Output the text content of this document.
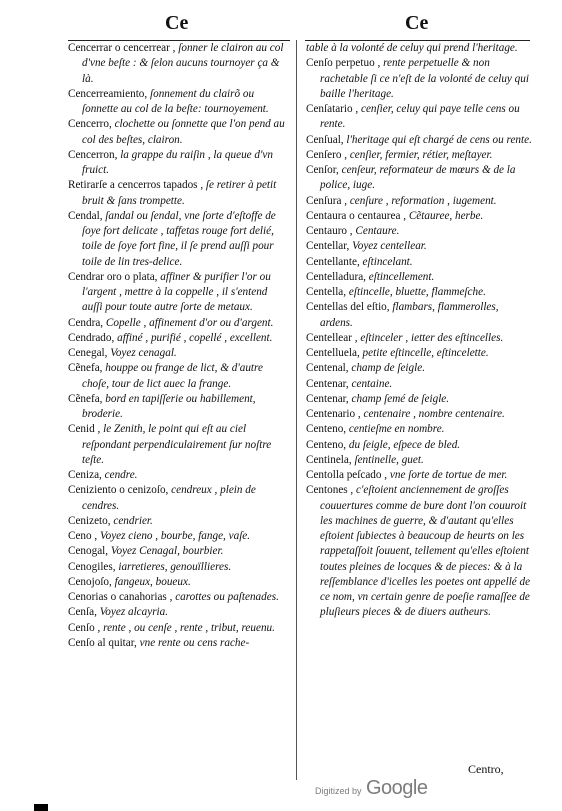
Ce	Ce

Cencerrar o cencerrear , ſonner le clairon au col d'vne beſte : & ſelon aucuns tournoyer ça & là.

Cencerreamiento, ſonnement du clairõ ou ſonnette au col de la beſte: tournoyement.

Cencerro, clochette ou ſonnette que l'on pend au col des beſtes, clairon.

Cencerron, la grappe du raiſin , la queue d'vn fruict.

Retirarſe a cencerros tapados , ſe retirer à petit bruit & ſans trompette.

Cendal, ſandal ou ſendal, vne ſorte d'eſtoffe de ſoye fort delicate , taffetas rouge fort delié, toile de ſoye fort fine, il ſe prend auſſi pour toile de lin tres-delice.

Cendrar oro o plata, affiner & purifier l'or ou l'argent , mettre à la coppelle , il s'entend auſſi pour toute autre ſorte de metaux.

Cendra, Copelle , affinement d'or ou d'argent.

Cendrado, affiné , purifié , copellé , excellent.

Cenegal, Voyez cenagal.

Cẽnefa, houppe ou frange de lict, & d'autre choſe, tour de lict auec la frange.

Cẽnefa, bord en tapiſſerie ou habillement, broderie.

Cenid , le Zenith, le point qui eſt au ciel reſpondant perpendiculairement ſur noſtre teſte.

Ceniza, cendre.

Ceniziento o cenizoſo, cendreux , plein de cendres.

Cenizeto, cendrier.

Ceno , Voyez cieno , bourbe, fange, vaſe.

Cenogal, Voyez Cenagal, bourbier.

Cenogiles, iarretieres, genouïllieres.

Cenojoſo, fangeux, boueux.

Cenorias o canahorias , carottes ou paſtenades.

Cenſa, Voyez alcayria.

Cenſo , rente , ou cenſe , rente , tribut, reuenu.

Cenſo al quitar, vne rente ou cens rache-

table à la volonté de celuy qui prend l'heritage.

Cenſo perpetuo , rente perpetuelle & non rachetable ſi ce n'eſt de la volonté de celuy qui baille l'heritage.

Cenſatario , cenſier, celuy qui paye telle cens ou rente.

Cenſual, l'heritage qui eſt chargé de cens ou rente.

Cenſero , cenſier, fermier, rétier, meſtayer.

Cenſor, cenſeur, reformateur de mœurs & de la police, iuge.

Cenſura , cenſure , reformation , iugement.

Centaura o centaurea , Cẽtauree, herbe.

Centauro , Centaure.

Centellar, Voyez centellear.

Centellante, eſtincelant.

Centelladura, eſtincellement.

Centella, eſtincelle, bluette, flammeſche.

Centellas del eſtio, flambars, flammerolles, ardens.

Centellear , eſtinceler , ietter des eſtincelles.

Centelluela, petite eſtincelle, eſtincelette.

Centenal, champ de ſeigle.

Centenar, centaine.

Centenar, champ ſemé de ſeigle.

Centenario , centenaire , nombre centenaire.

Centeno, centieſme en nombre.

Centeno, du ſeigle, eſpece de bled.

Centinela, ſentinelle, guet.

Centolla peſcado , vne ſorte de tortue de mer.

Centones , c'eſtoient anciennement de groſſes couuertures comme de bure dont l'on couuroit les machines de guerre, & d'autant qu'elles eſtoient ſubiectes à beaucoup de heurts on les rappetaſſoit ſouuent, tellement qu'elles eſtoient toutes pleines de locques & de pieces: & à la reſſemblance d'icelles les poetes ont appellé de ce nom, vn certain genre de poeſie ramaſſee de pluſieurs pieces & de diuers autheurs.

Centro,
Digitized by Google
